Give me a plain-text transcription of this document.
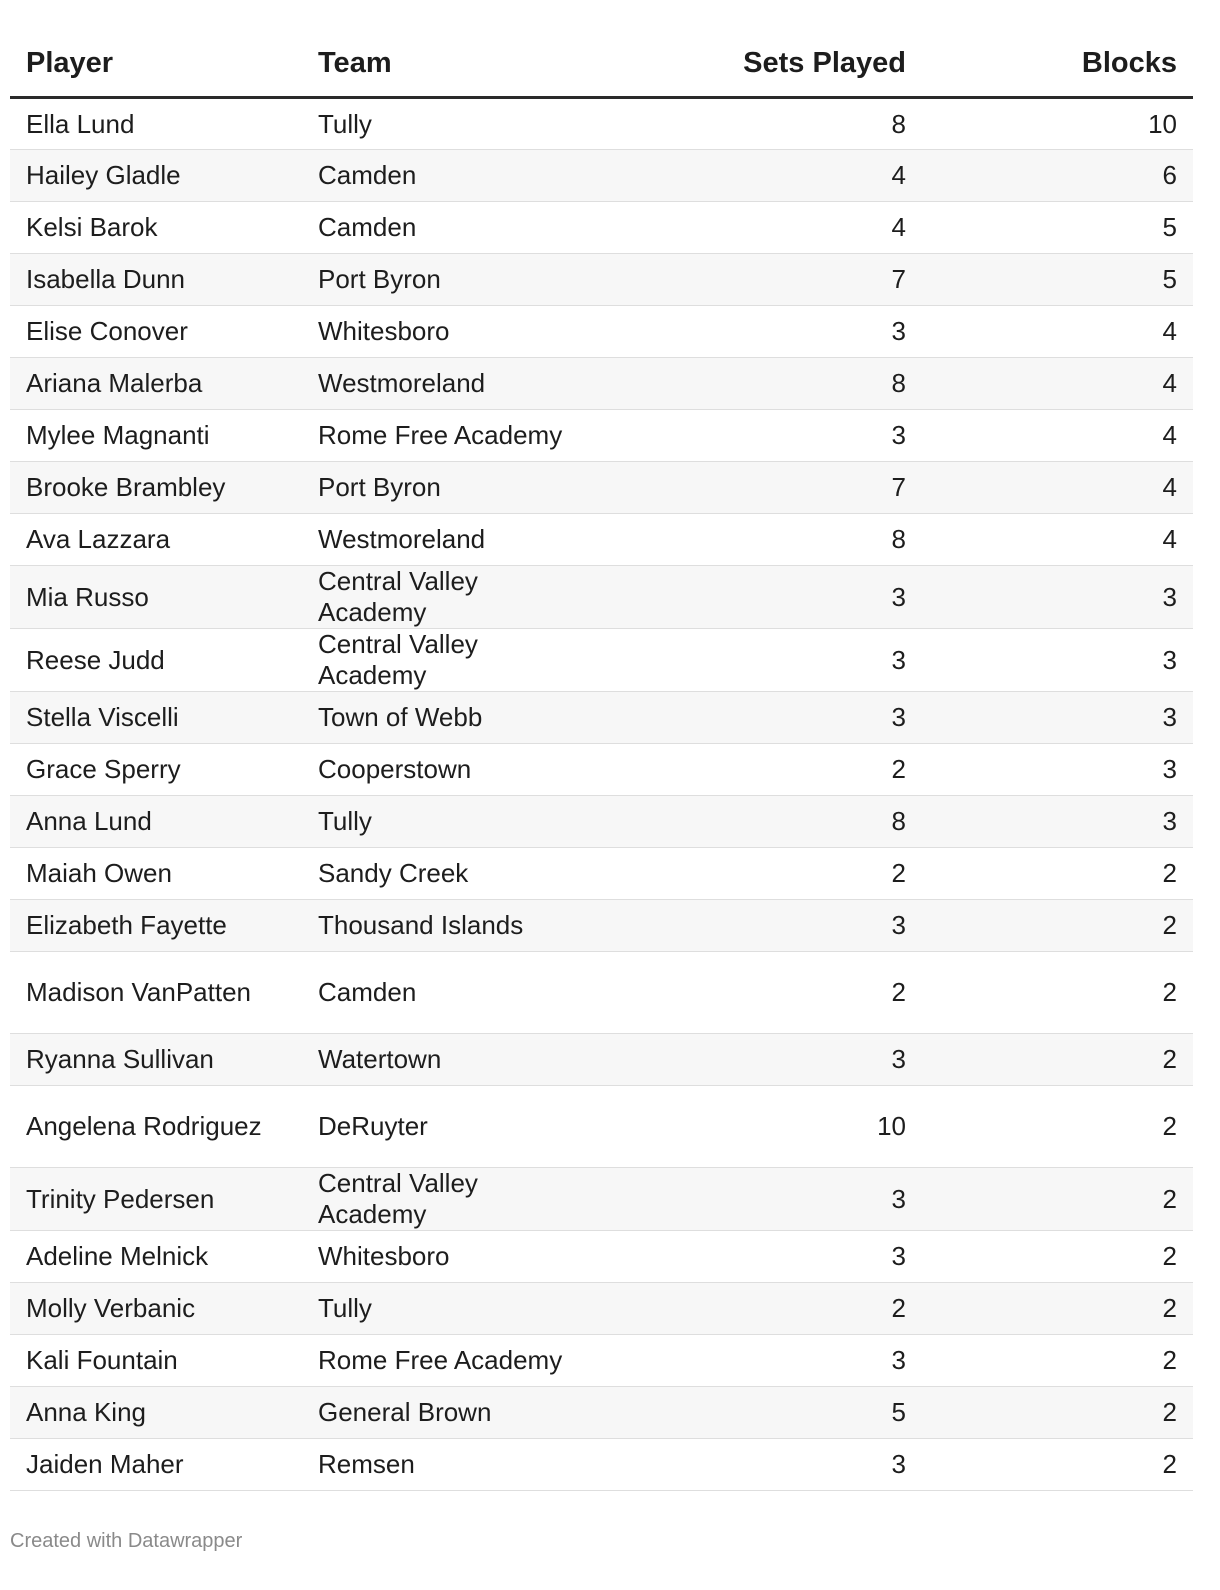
Player	Team	Sets Played	Blocks
Ella Lund	Tully	8	10
Hailey Gladle	Camden	4	6
Kelsi Barok	Camden	4	5
Isabella Dunn	Port Byron	7	5
Elise Conover	Whitesboro	3	4
Ariana Malerba	Westmoreland	8	4
Mylee Magnanti	Rome Free Academy	3	4
Brooke Brambley	Port Byron	7	4
Ava Lazzara	Westmoreland	8	4
Mia Russo	Central Valley Academy	3	3
Reese Judd	Central Valley Academy	3	3
Stella Viscelli	Town of Webb	3	3
Grace Sperry	Cooperstown	2	3
Anna Lund	Tully	8	3
Maiah Owen	Sandy Creek	2	2
Elizabeth Fayette	Thousand Islands	3	2
Madison VanPatten	Camden	2	2
Ryanna Sullivan	Watertown	3	2
Angelena Rodriguez	DeRuyter	10	2
Trinity Pedersen	Central Valley Academy	3	2
Adeline Melnick	Whitesboro	3	2
Molly Verbanic	Tully	2	2
Kali Fountain	Rome Free Academy	3	2
Anna King	General Brown	5	2
Jaiden Maher	Remsen	3	2
Created with Datawrapper
